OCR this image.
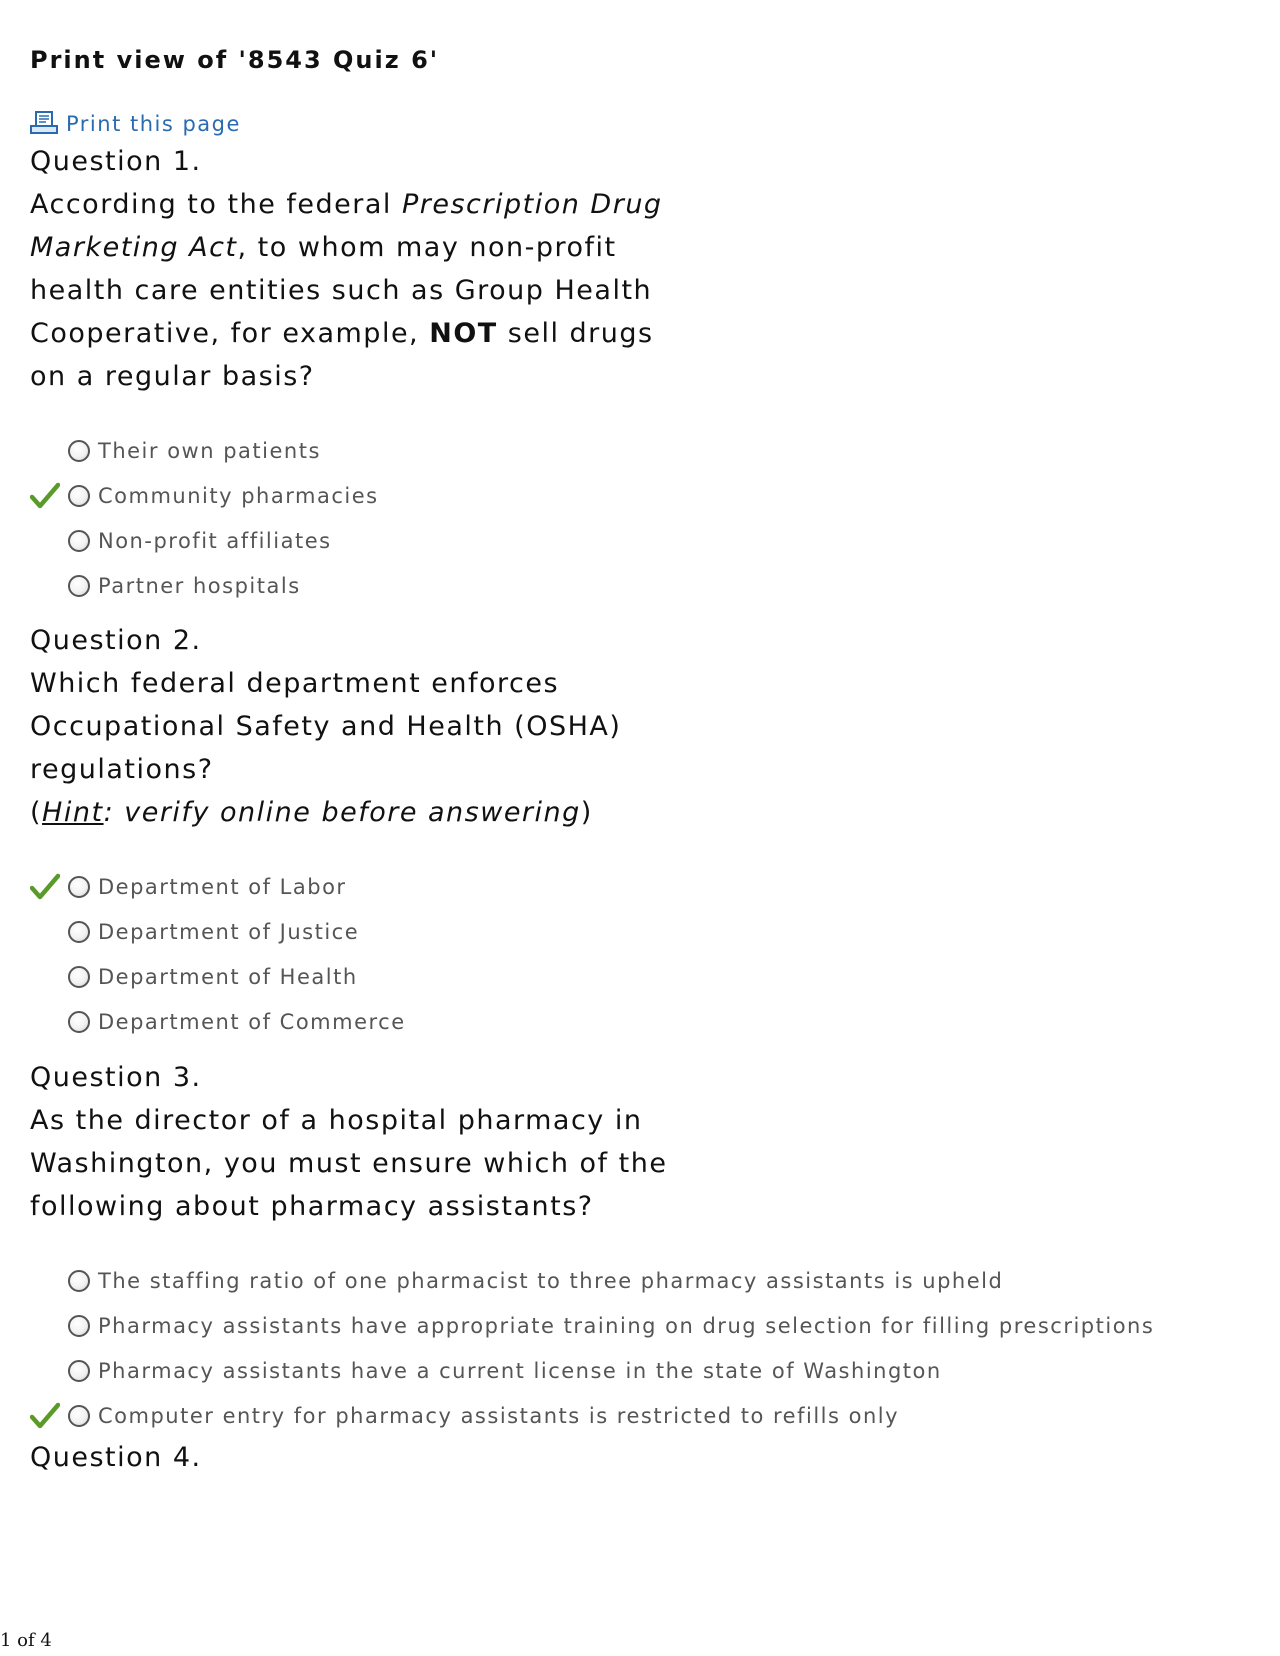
Print view of '8543 Quiz 6'
Print this page
Question 1.
According to the federal Prescription Drug Marketing Act, to whom may non-profit health care entities such as Group Health Cooperative, for example, NOT sell drugs on a regular basis?
Their own patients
Community pharmacies
Non-profit affiliates
Partner hospitals
Question 2.
Which federal department enforces Occupational Safety and Health (OSHA) regulations?
(Hint: verify online before answering)
Department of Labor
Department of Justice
Department of Health
Department of Commerce
Question 3.
As the director of a hospital pharmacy in Washington, you must ensure which of the following about pharmacy assistants?
The staffing ratio of one pharmacist to three pharmacy assistants is upheld
Pharmacy assistants have appropriate training on drug selection for filling prescriptions
Pharmacy assistants have a current license in the state of Washington
Computer entry for pharmacy assistants is restricted to refills only
Question 4.
1 of 4
